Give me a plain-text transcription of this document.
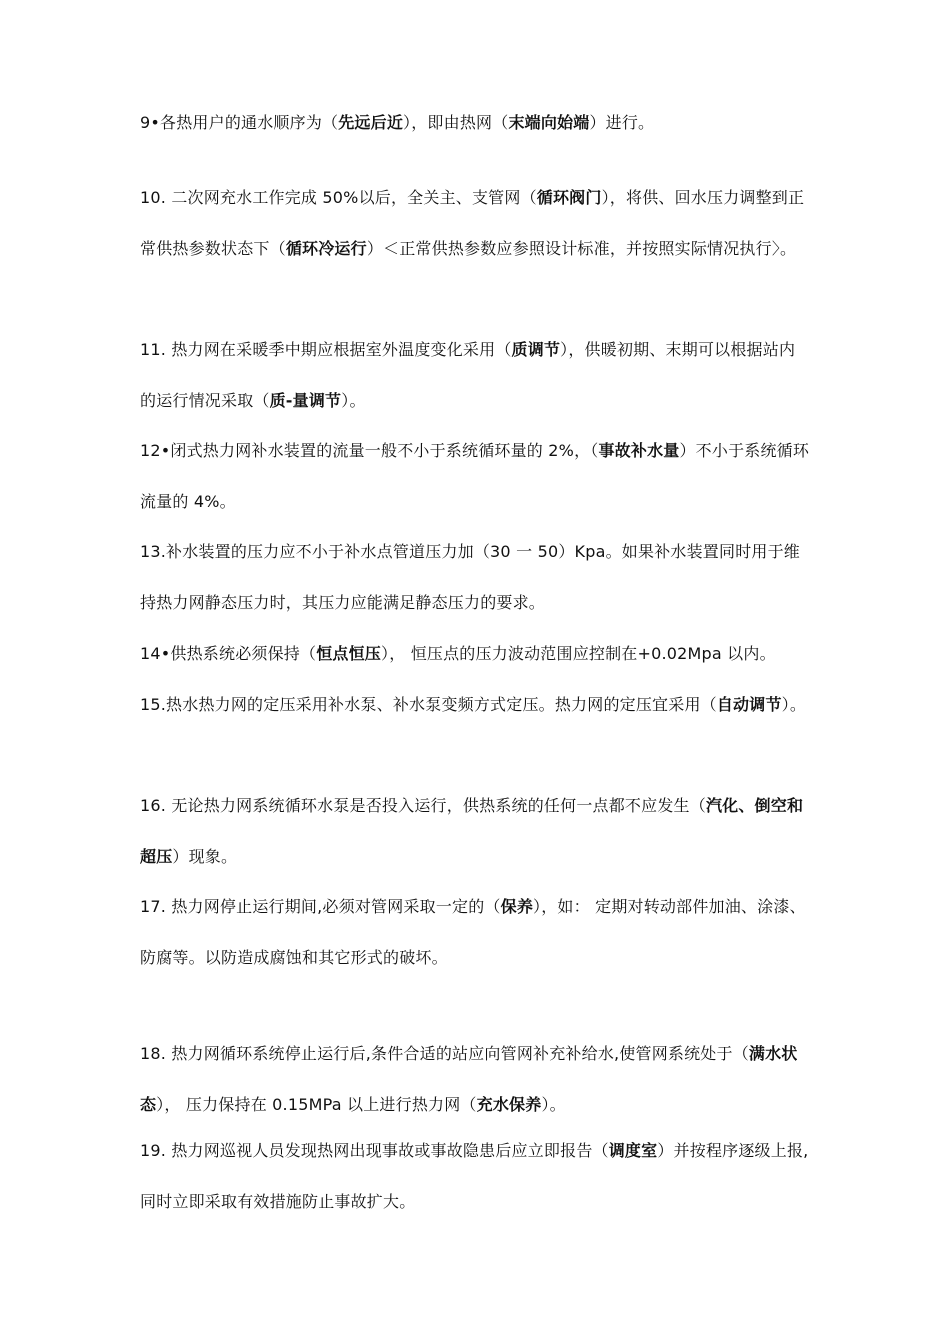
9•各热用户的通水顺序为（先远后近），即由热网（末端向始端）进行。

10. 二次网充水工作完成 50%以后，全关主、支管网（循环阀门），将供、回水压力调整到正常供热参数状态下（循环冷运行）＜正常供热参数应参照设计标准，并按照实际情况执行〉。

11. 热力网在采暖季中期应根据室外温度变化采用（质调节），供暖初期、末期可以根据站内的运行情况采取（质-量调节）。

12•闭式热力网补水装置的流量一般不小于系统循环量的 2%，（事故补水量）不小于系统循环流量的 4%。

13.补水装置的压力应不小于补水点管道压力加（30 一 50）Kpa。如果补水装置同时用于维持热力网静态压力时，其压力应能满足静态压力的要求。

14•供热系统必须保持（恒点恒压）， 恒压点的压力波动范围应控制在+0.02Mpa 以内。

15.热水热力网的定压采用补水泵、补水泵变频方式定压。热力网的定压宜采用（自动调节）。

16. 无论热力网系统循环水泵是否投入运行，供热系统的任何一点都不应发生（汽化、倒空和超压）现象。

17. 热力网停止运行期间,必须对管网采取一定的（保养），如： 定期对转动部件加油、涂漆、防腐等。以防造成腐蚀和其它形式的破坏。

18. 热力网循环系统停止运行后,条件合适的站应向管网补充补给水,使管网系统处于（满水状态）， 压力保持在 0.15MPa 以上进行热力网（充水保养）。

19. 热力网巡视人员发现热网出现事故或事故隐患后应立即报告（调度室）并按程序逐级上报, 同时立即采取有效措施防止事故扩大。
